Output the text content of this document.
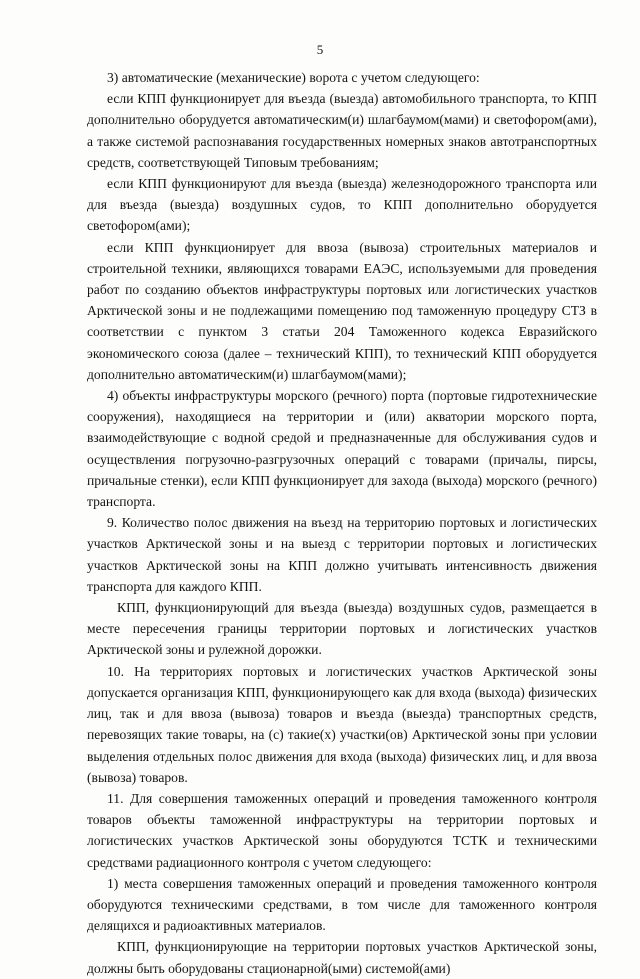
5

3) автоматические (механические) ворота с учетом следующего:

если КПП функционирует для въезда (выезда) автомобильного транспорта, то КПП дополнительно оборудуется автоматическим(и) шлагбаумом(мами) и светофором(ами), а также системой распознавания государственных номерных знаков автотранспортных средств, соответствующей Типовым требованиям;

если КПП функционируют для въезда (выезда) железнодорожного транспорта или для въезда (выезда) воздушных судов, то КПП дополнительно оборудуется светофором(ами);

если КПП функционирует для ввоза (вывоза) строительных материалов и строительной техники, являющихся товарами ЕАЭС, используемыми для проведения работ по созданию объектов инфраструктуры портовых или логистических участков Арктической зоны и не подлежащими помещению под таможенную процедуру СТЗ в соответствии с пунктом 3 статьи 204 Таможенного кодекса Евразийского экономического союза (далее – технический КПП), то технический КПП оборудуется дополнительно автоматическим(и) шлагбаумом(мами);

4) объекты инфраструктуры морского (речного) порта (портовые гидротехнические сооружения), находящиеся на территории и (или) акватории морского порта, взаимодействующие с водной средой и предназначенные для обслуживания судов и осуществления погрузочно-разгрузочных операций с товарами (причалы, пирсы, причальные стенки), если КПП функционирует для захода (выхода) морского (речного) транспорта.

9. Количество полос движения на въезд на территорию портовых и логистических участков Арктической зоны и на выезд с территории портовых и логистических участков Арктической зоны на КПП должно учитывать интенсивность движения транспорта для каждого КПП.

КПП, функционирующий для въезда (выезда) воздушных судов, размещается в месте пересечения границы территории портовых и логистических участков Арктической зоны и рулежной дорожки.

10. На территориях портовых и логистических участков Арктической зоны допускается организация КПП, функционирующего как для входа (выхода) физических лиц, так и для ввоза (вывоза) товаров и въезда (выезда) транспортных средств, перевозящих такие товары, на (с) такие(х) участки(ов) Арктической зоны при условии выделения отдельных полос движения для входа (выхода) физических лиц, и для ввоза (вывоза) товаров.

11. Для совершения таможенных операций и проведения таможенного контроля товаров объекты таможенной инфраструктуры на территории портовых и логистических участков Арктической зоны оборудуются ТСТК и техническими средствами радиационного контроля с учетом следующего:

1) места совершения таможенных операций и проведения таможенного контроля оборудуются техническими средствами, в том числе для таможенного контроля делящихся и радиоактивных материалов.

КПП, функционирующие на территории портовых участков Арктической зоны, должны быть оборудованы стационарной(ыми) системой(ами)
